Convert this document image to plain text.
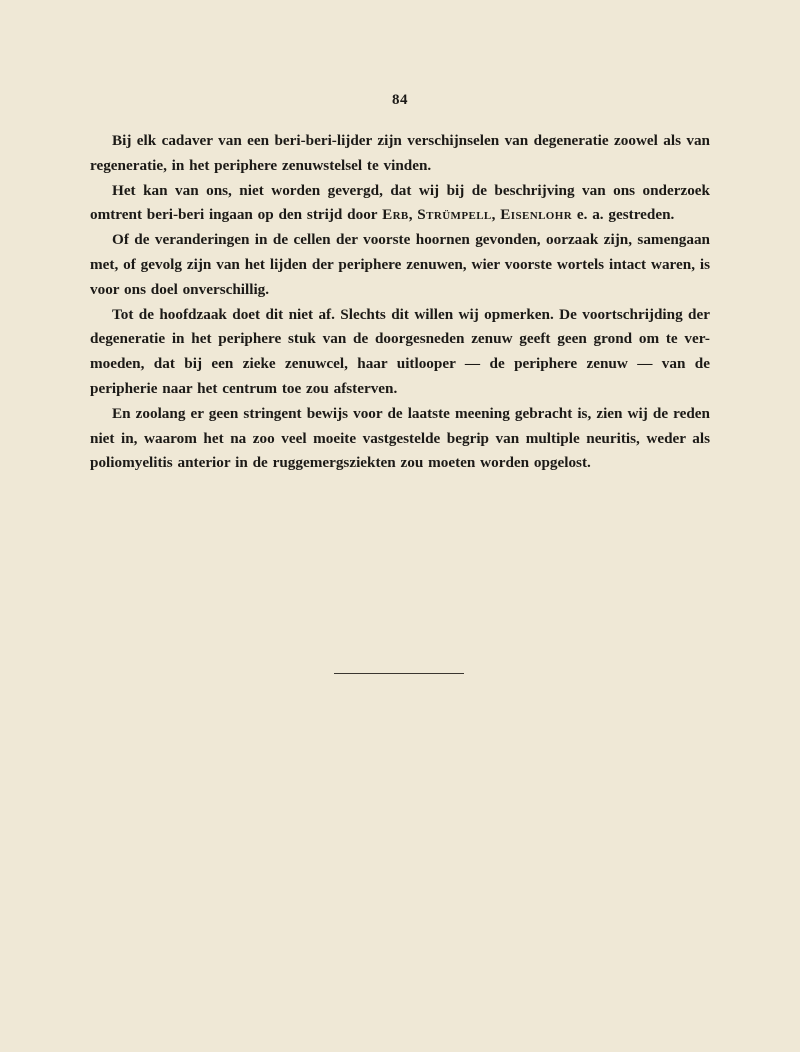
84

Bij elk cadaver van een beri-beri-lijder zijn verschijnselen van degeneratie zoowel als van regeneratie, in het periphere zenuwstelsel te vinden.

Het kan van ons, niet worden gevergd, dat wij bij de beschrijving van ons onderzoek omtrent beri-beri ingaan op den strijd door Erb, Strümpell, Eisenlohr e. a. gestreden.

Of de veranderingen in de cellen der voorste hoornen gevonden, oorzaak zijn, samengaan met, of gevolg zijn van het lijden der periphere zenuwen, wier voorste wortels intact waren, is voor ons doel onverschillig.

Tot de hoofdzaak doet dit niet af. Slechts dit willen wij opmerken. De voortschrijding der degeneratie in het periphere stuk van de doorgesneden zenuw geeft geen grond om te ver-moeden, dat bij een zieke zenuwcel, haar uitlooper — de periphere zenuw — van de peripherie naar het centrum toe zou afsterven.

En zoolang er geen stringent bewijs voor de laatste meening gebracht is, zien wij de reden niet in, waarom het na zoo veel moeite vastgestelde begrip van multiple neuritis, weder als poliomyelitis anterior in de ruggemergsziekten zou moeten worden opgelost.
